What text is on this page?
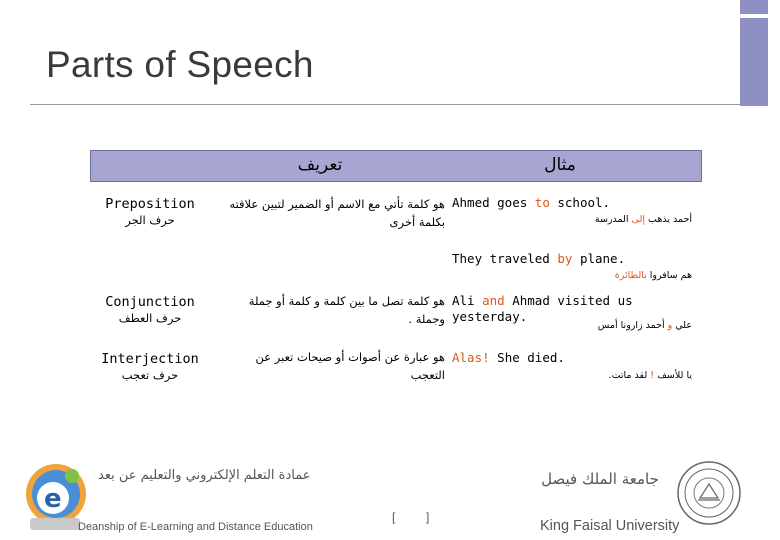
Parts of Speech
تعريف	مثال
Preposition
حرف الجر
هو كلمة تأتي مع الاسم أو الضمير لتبين علاقته بكلمة أخرى
Ahmed goes to school.
أحمد يذهب إلى المدرسة
They traveled by plane.
هم سافروا بالطائرة
Conjunction
حرف العطف
هو كلمة تصل ما بين كلمة و كلمة أو جملة وجملة .
Ali and Ahmad visited us yesterday.
علي و أحمد زارونا أمس
Interjection
حرف تعجب
هو عبارة عن أصوات أو صيحات تعبر عن التعجب
Alas! She died.
يا للأسف ! لقد ماتت.
e
عمادة التعلم الإلكتروني والتعليم عن بعد
Deanship of E-Learning and Distance Education
[	]
جامعة الملك فيصل
King Faisal University
